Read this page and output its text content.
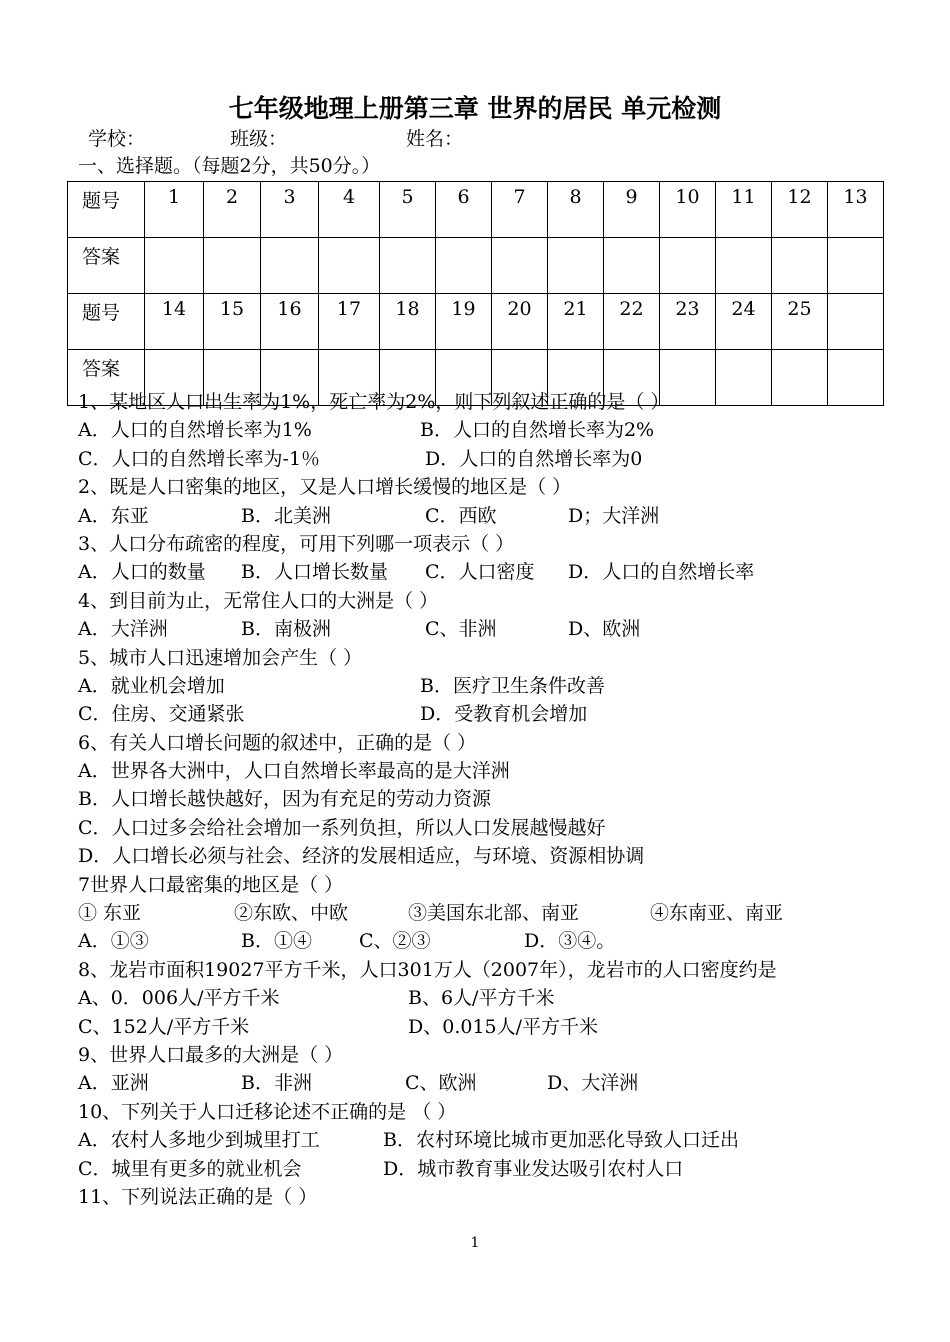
七年级地理上册第三章 世界的居民 单元检测
学校：	班级：	姓名：
一、选择题。（每题2分，共50分。）
题号	1	2	3	4	5	6	7	8	9	10	11	12	13
答案													
题号	14	15	16	17	18	19	20	21	22	23	24	25	
答案													
1、某地区人口出生率为1%，死亡率为2%，则下列叙述正确的是（ ）
A．人口的自然增长率为1%	B．人口的自然增长率为2%
C．人口的自然增长率为-1％	D．人口的自然增长率为0
2、既是人口密集的地区，又是人口增长缓慢的地区是（ ）
A．东亚	B．北美洲	C．西欧	D；大洋洲
3、人口分布疏密的程度，可用下列哪一项表示（ ）
A．人口的数量 B．人口增长数量 C．人口密度 D．人口的自然增长率
4、到目前为止，无常住人口的大洲是（ ）
A．大洋洲	B．南极洲	C、非洲	D、欧洲
5、城市人口迅速增加会产生（ ）
A．就业机会增加	B．医疗卫生条件改善
C．住房、交通紧张	D．受教育机会增加
6、有关人口增长问题的叙述中，正确的是（ ）
A．世界各大洲中，人口自然增长率最高的是大洋洲
B．人口增长越快越好，因为有充足的劳动力资源
C．人口过多会给社会增加一系列负担，所以人口发展越慢越好
D．人口增长必须与社会、经济的发展相适应，与环境、资源相协调
7世界人口最密集的地区是（ ）
① 东亚	②东欧、中欧	③美国东北部、南亚	④东南亚、南亚
A．①③	B．①④ C、②③	D．③④。
8、龙岩市面积19027平方千米，人口301万人（2007年），龙岩市的人口密度约是
A、0．006人/平方千米	B、6人/平方千米
C、152人/平方千米	D、0.015人/平方千米
9、世界人口最多的大洲是（ ）
A．亚洲	B．非洲	C、欧洲	D、大洋洲
10、下列关于人口迁移论述不正确的是 （ ）
A．农村人多地少到城里打工	B．农村环境比城市更加恶化导致人口迁出
C．城里有更多的就业机会	D．城市教育事业发达吸引农村人口
11、下列说法正确的是（ ）
1
